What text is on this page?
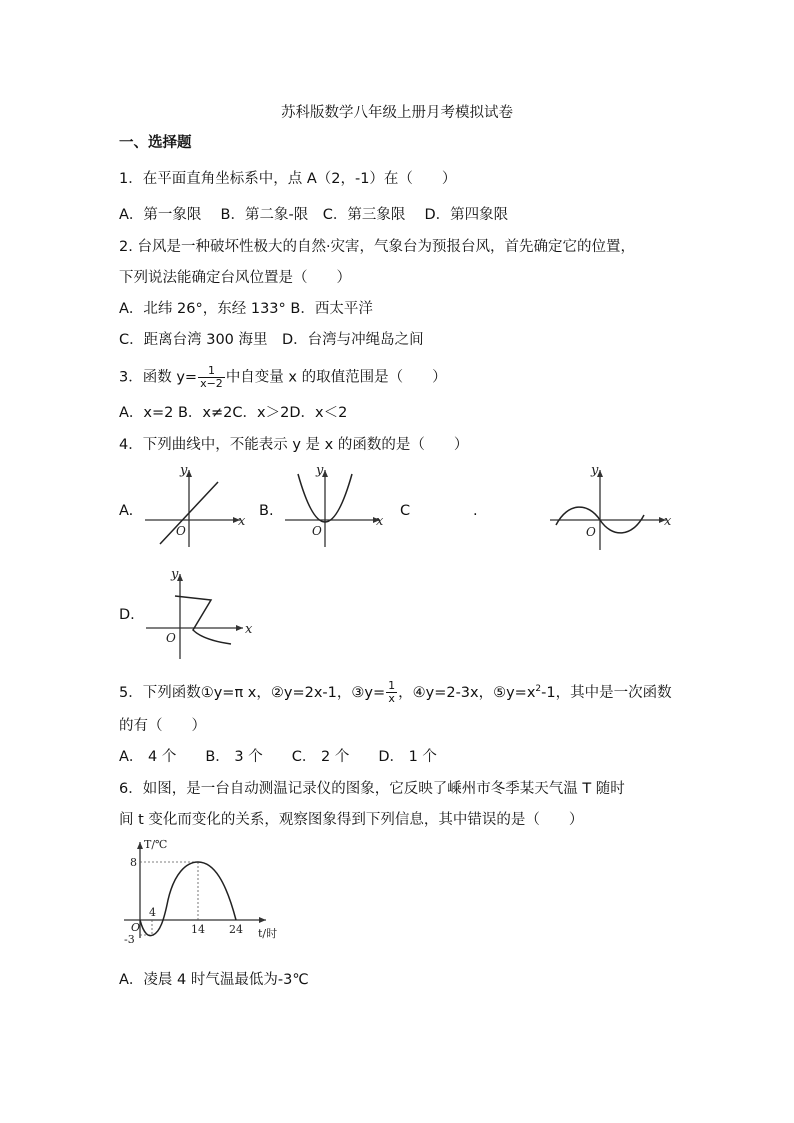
苏科版数学八年级上册月考模拟试卷
一、选择题
1．在平面直角坐标系中，点 A（2，-1）在（　　）
A．第一象限　 B．第二象-限　C．第三象限　 D．第四象限
2. 台风是一种破坏性极大的自然·灾害，气象台为预报台风，首先确定它的位置，
下列说法能确定台风位置是（　　）
A．北纬 26°，东经 133° B．西太平洋
C．距离台湾 300 海里　D．台湾与冲绳岛之间
3．函数 $y= \frac{1}{x-2}$ 中自变量 x 的取值范围是（　　）
A．x=2 B．x≠2C．x＞2D．x＜2
4．下列曲线中，不能表示 y 是 x 的函数的是（　　）
A.
x
y
O
B.
x
y
O
C	.
x
y
O
D.
x
y
O
5．下列函数①y=π x，②y=2x-1，③y= $\frac{1}{x}$ ，④y=2-3x，$⑤y=x^2-1$，其中是一次函数
的有（　　）
A． 4 个　　B． 3 个　　C． 2 个　　D． 1 个
6．如图，是一台自动测温记录仪的图象，它反映了嵊州市冬季某天气温 T 随时
间 t 变化而变化的关系，观察图象得到下列信息，其中错误的是（　　）
T/℃
t/时
8
-3
O
4
14 24
A．凌晨 4 时气温最低为-3℃
